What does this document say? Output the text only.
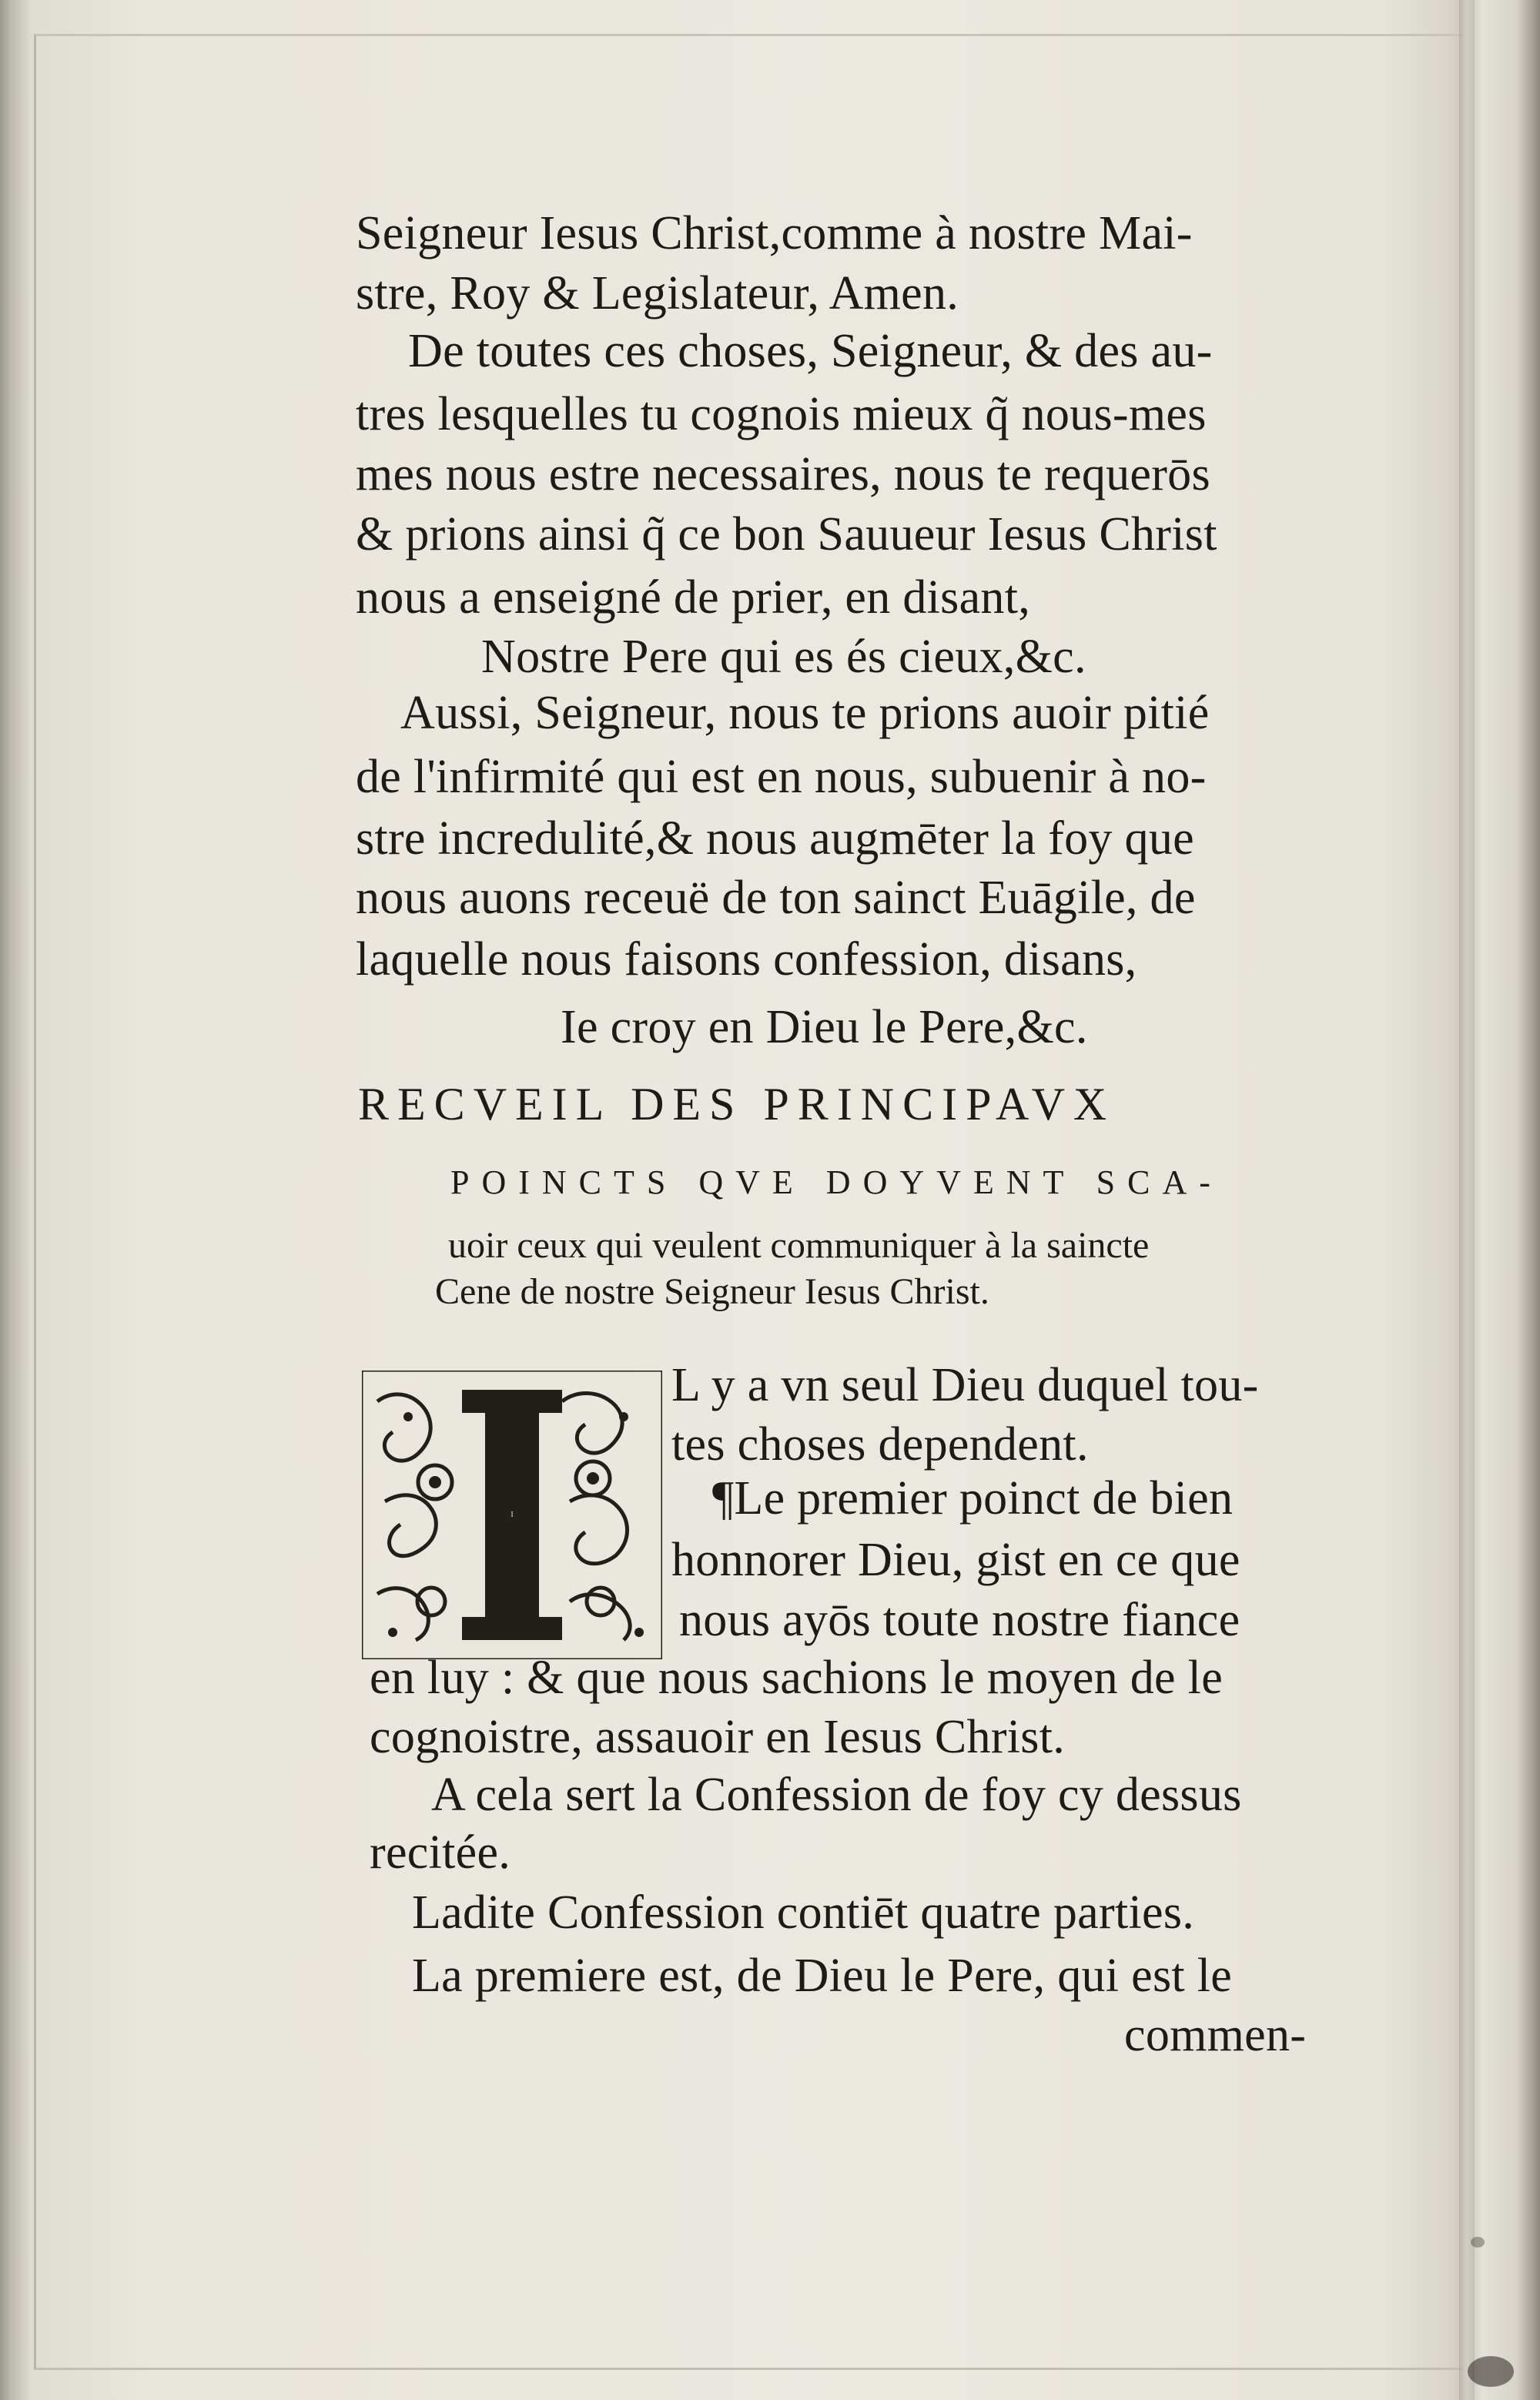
Seigneur Iesus Christ,comme à nostre Mai-
stre, Roy & Legislateur, Amen.
De toutes ces choses, Seigneur, & des au-
tres lesquelles tu cognois mieux q̃ nous-mes
mes nous estre necessaires, nous te requerōs
& prions ainsi q̃ ce bon Sauueur Iesus Christ
nous a enseigné de prier, en disant,
Nostre Pere qui es és cieux,&c.
Aussi, Seigneur, nous te prions auoir pitié
de l'infirmité qui est en nous, subuenir à no-
stre incredulité,& nous augmēter la foy que
nous auons receuë de ton sainct Euāgile, de
laquelle nous faisons confession, disans,
Ie croy en Dieu le Pere,&c.
RECVEIL DES PRINCIPAVX
POINCTS QVE DOYVENT SCA-
uoir ceux qui veulent communiquer à la saincte
Cene de nostre Seigneur Iesus Christ.
I
L y a vn seul Dieu duquel tou-
tes choses dependent.
¶Le premier poinct de bien
honnorer Dieu, gist en ce que
nous ayōs toute nostre fiance
en luy : & que nous sachions le moyen de le
cognoistre, assauoir en Iesus Christ.
A cela sert la Confession de foy cy dessus
recitée.
Ladite Confession contiēt quatre parties.
La premiere est, de Dieu le Pere, qui est le
commen-
